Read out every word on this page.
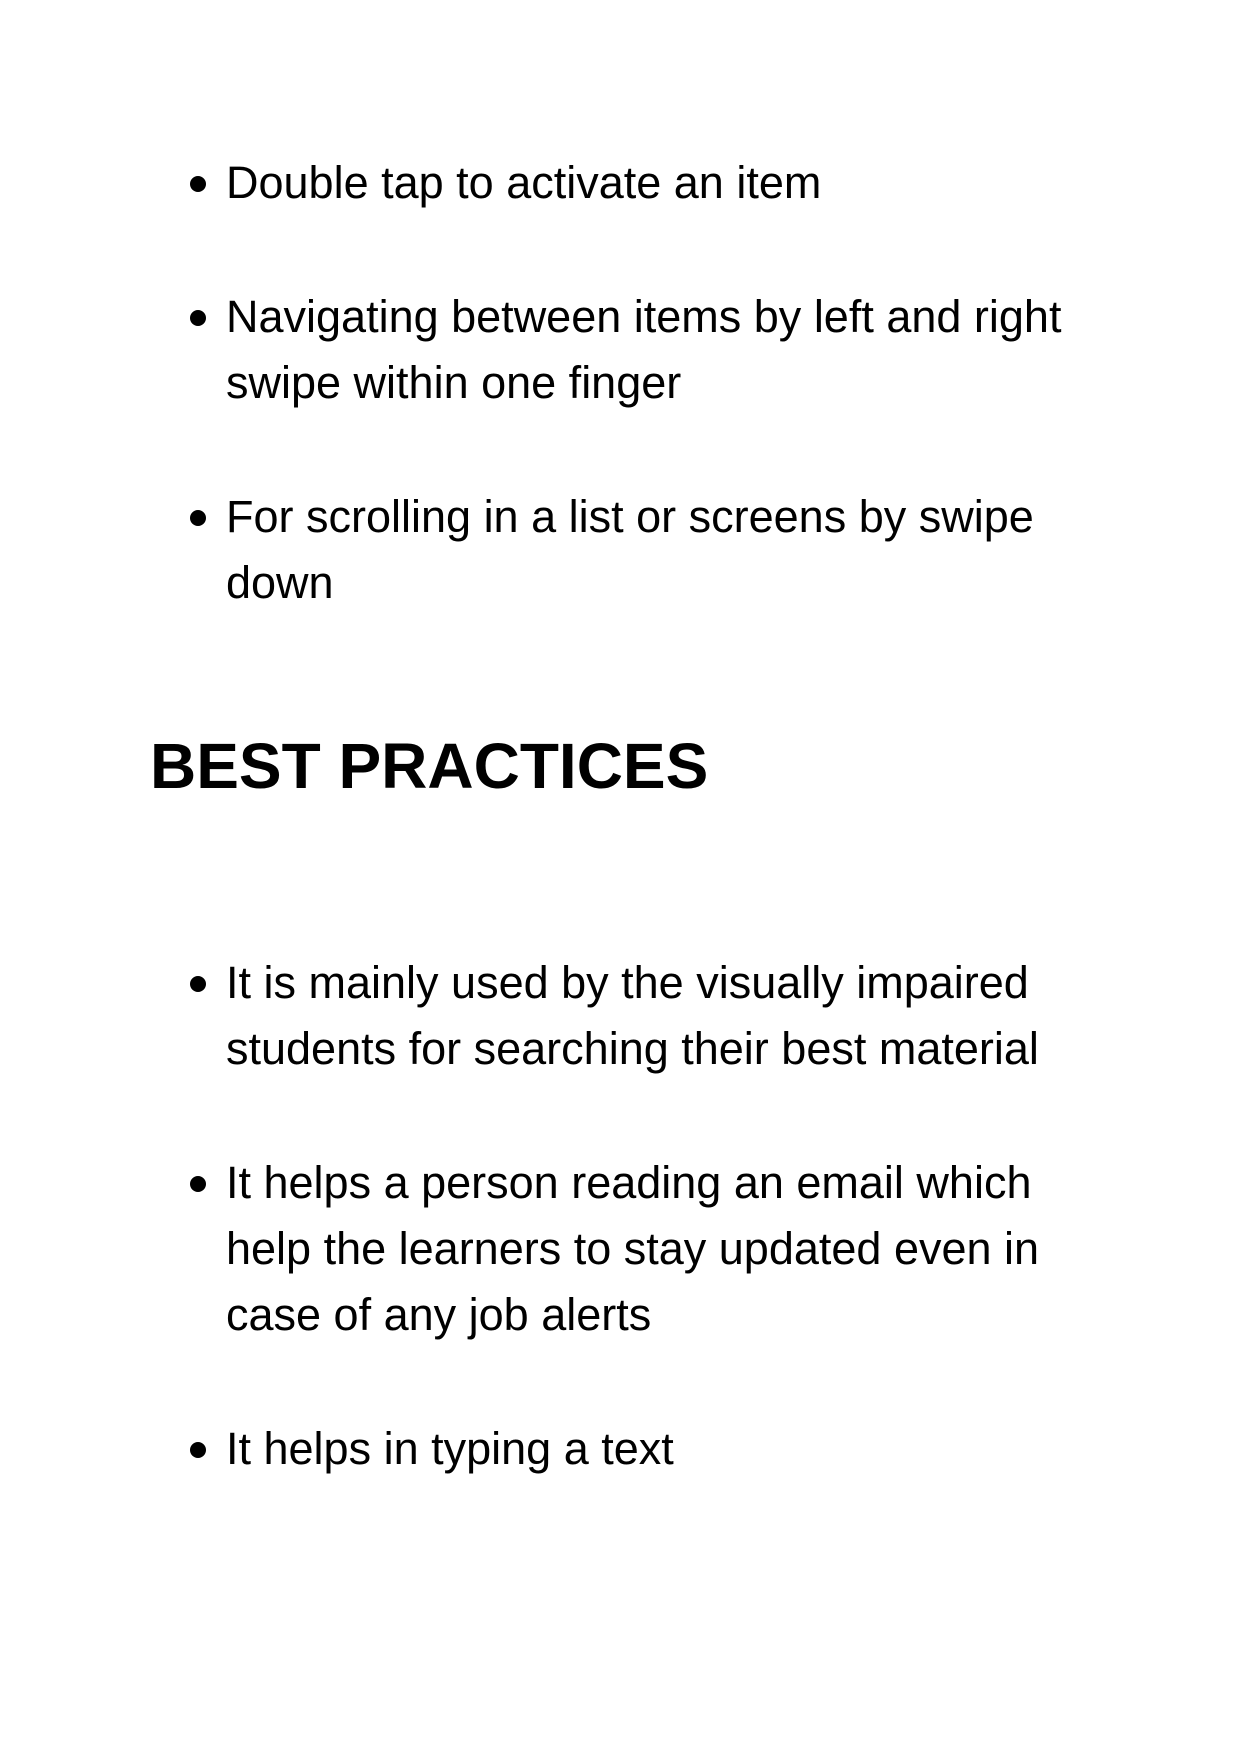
Double tap to activate an item
Navigating between items by left and right swipe within one finger
For scrolling in a list or screens by swipe down
BEST PRACTICES
It is mainly used by the visually impaired students for searching their best material
It helps a person reading an email which help the learners to stay updated even in case of any job alerts
It helps in typing a text
